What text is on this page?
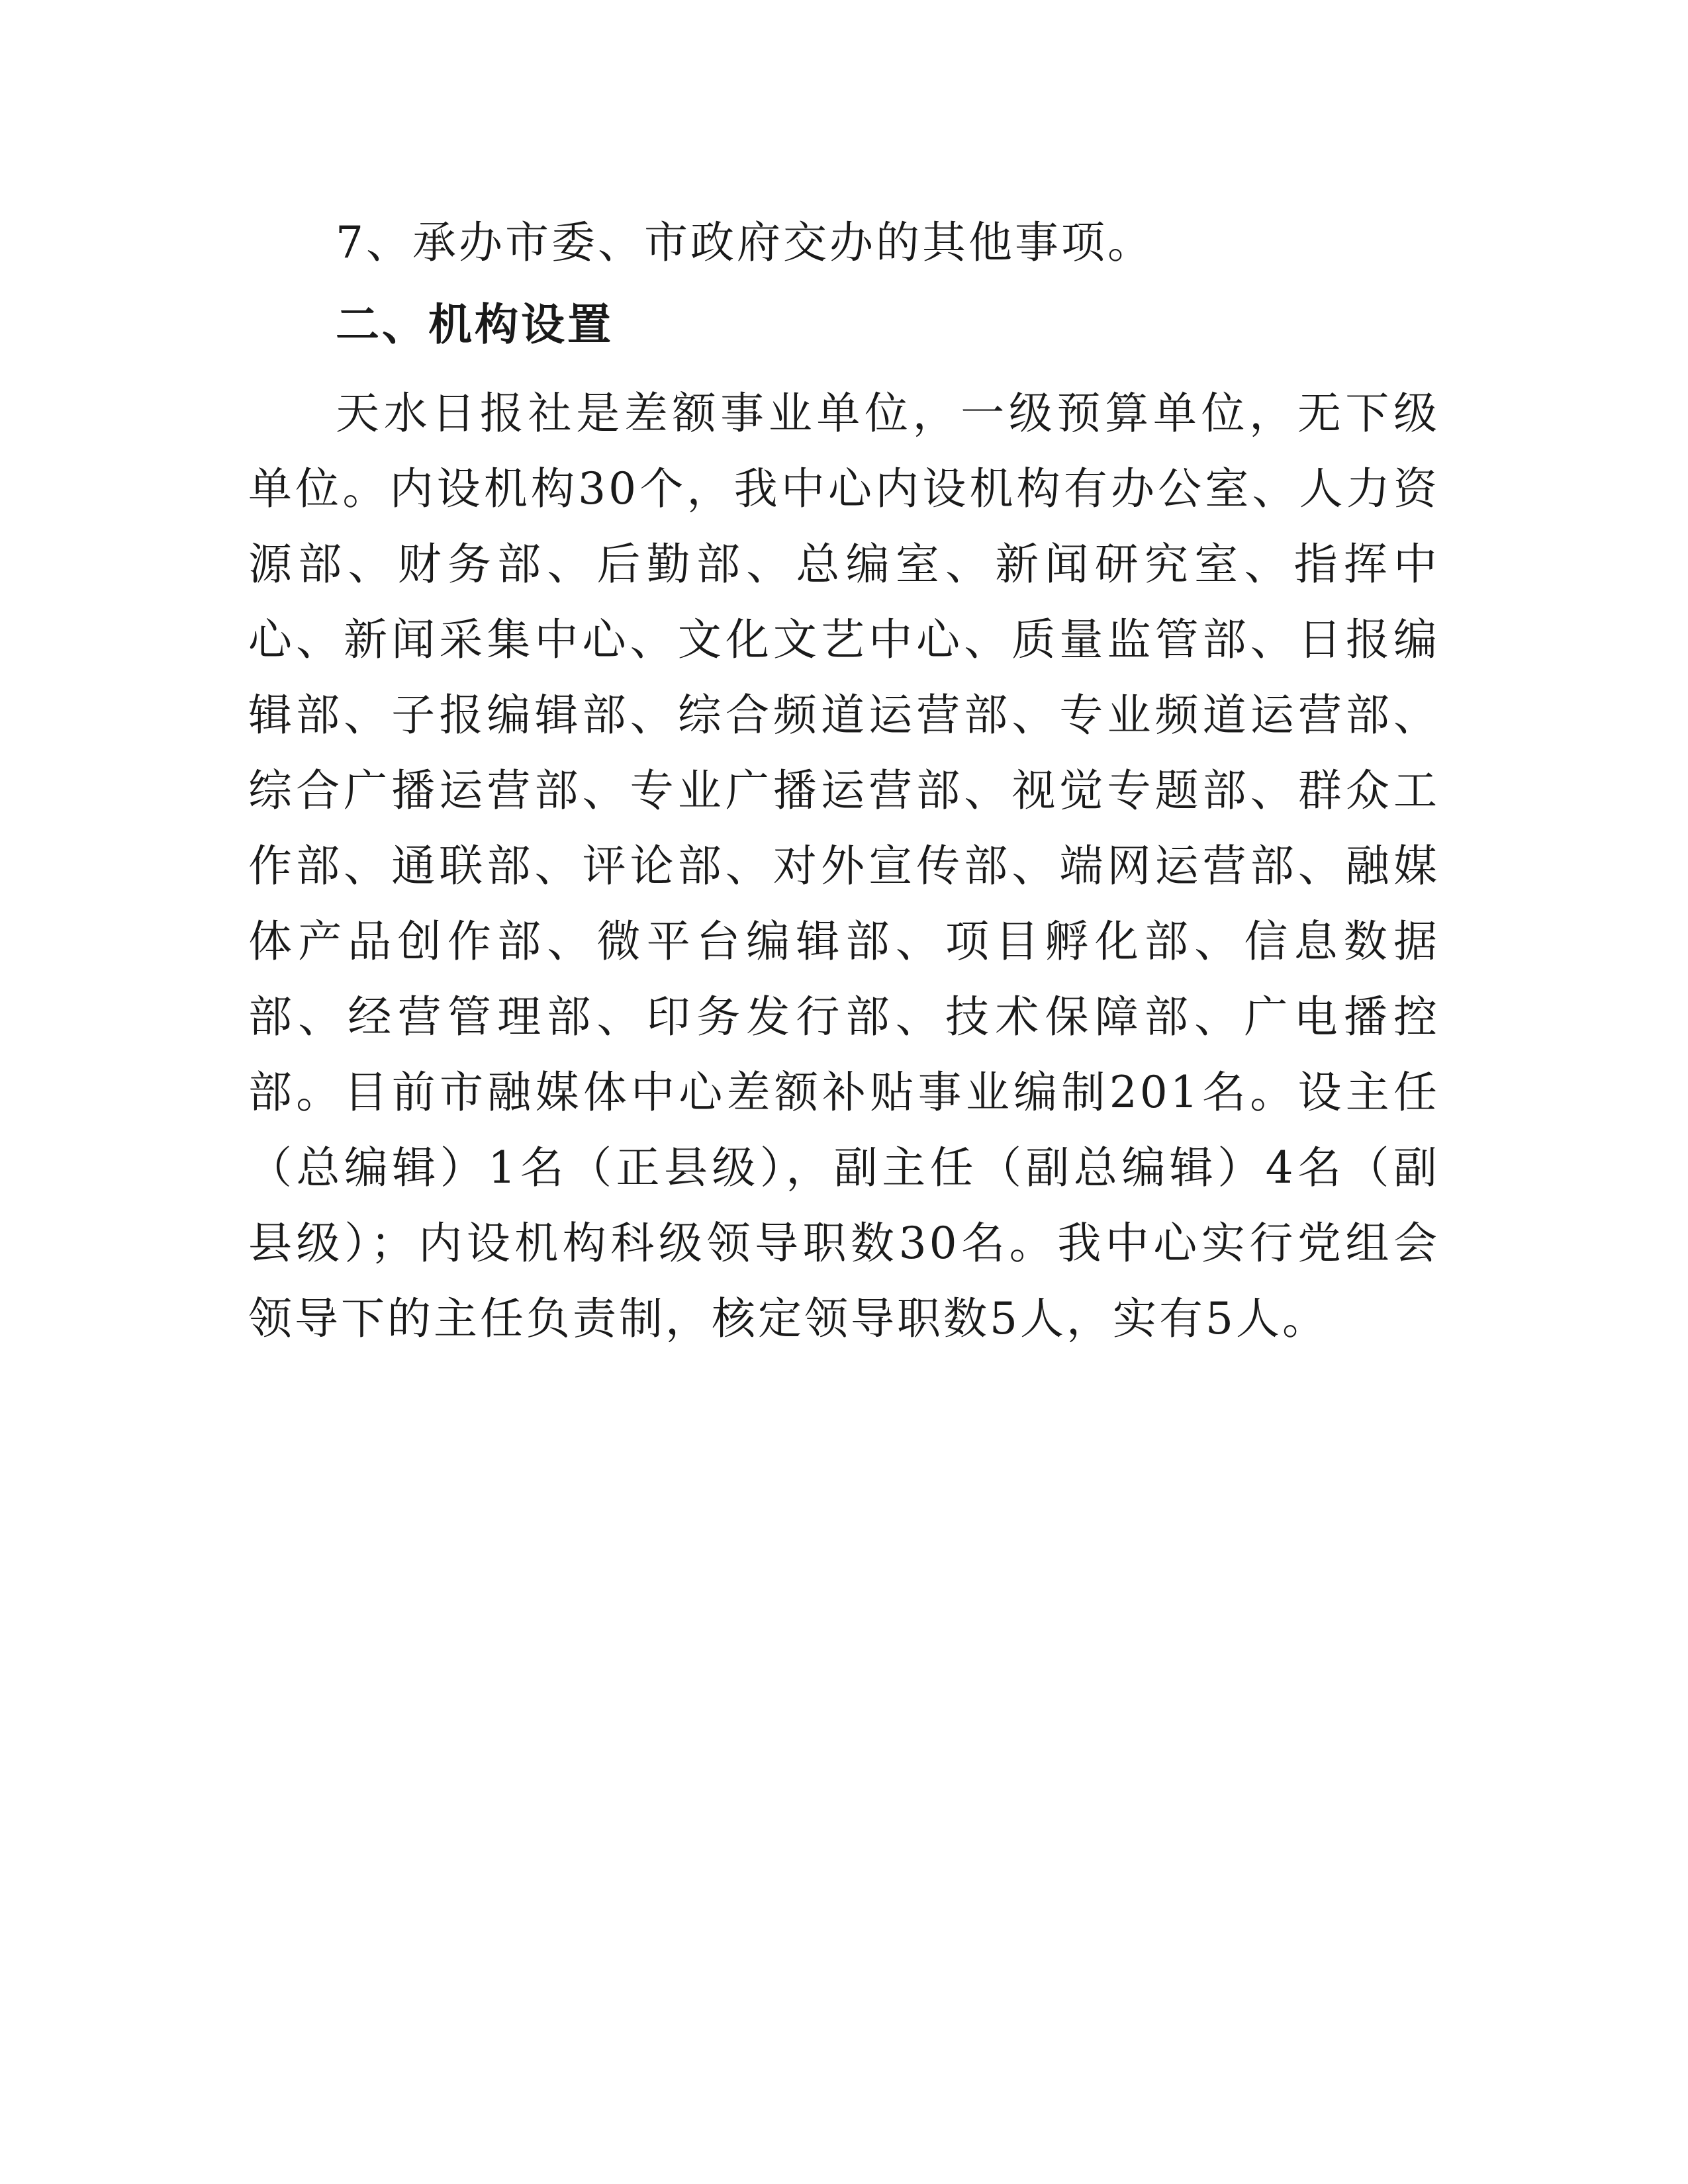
7、承办市委、市政府交办的其他事项。

二、机构设置

天水日报社是差额事业单位，一级预算单位，无下级单位。内设机构30个，我中心内设机构有办公室、人力资源部、财务部、后勤部、总编室、新闻研究室、指挥中心、新闻采集中心、文化文艺中心、质量监管部、日报编辑部、子报编辑部、综合频道运营部、专业频道运营部、综合广播运营部、专业广播运营部、视觉专题部、群众工作部、通联部、评论部、对外宣传部、端网运营部、融媒体产品创作部、微平台编辑部、项目孵化部、信息数据部、经营管理部、印务发行部、技术保障部、广电播控部。目前市融媒体中心差额补贴事业编制201名。设主任（总编辑）1名（正县级），副主任（副总编辑）4名（副县级）；内设机构科级领导职数30名。我中心实行党组会领导下的主任负责制，核定领导职数5人，实有5人。
